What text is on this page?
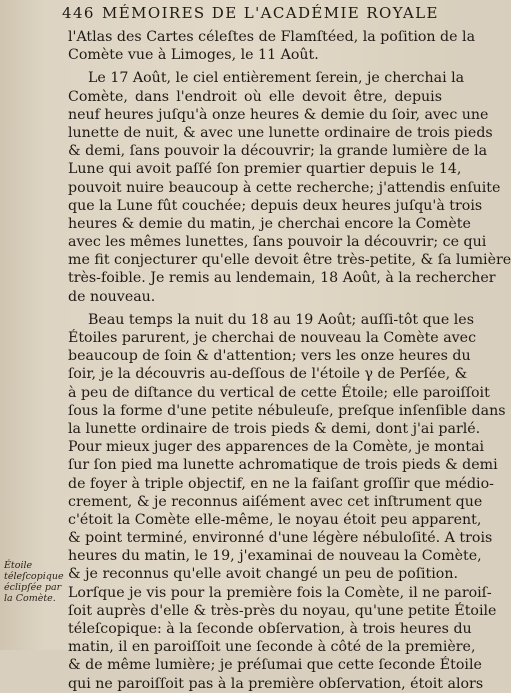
446 MÉMOIRES DE L'ACADÉMIE ROYALE
l'Atlas des Cartes céleſtes de Flamſtéed, la poſition de la
Comète vue à Limoges, le 11 Août.
Le 17 Août, le ciel entièrement ſerein, je cherchai la
Comète, dans l'endroit où elle devoit être, depuis
neuf heures juſqu'à onze heures & demie du ſoir, avec une
lunette de nuit, & avec une lunette ordinaire de trois pieds
& demi, ſans pouvoir la découvrir; la grande lumière de la
Lune qui avoit paſſé ſon premier quartier depuis le 14,
pouvoit nuire beaucoup à cette recherche; j'attendis enſuite
que la Lune fût couchée; depuis deux heures juſqu'à trois
heures & demie du matin, je cherchai encore la Comète
avec les mêmes lunettes, ſans pouvoir la découvrir; ce qui
me fit conjecturer qu'elle devoit être très-petite, & ſa lumière
très-foible. Je remis au lendemain, 18 Août, à la rechercher
de nouveau.
Beau temps la nuit du 18 au 19 Août; auſſi-tôt que les
Étoiles parurent, je cherchai de nouveau la Comète avec
beaucoup de ſoin & d'attention; vers les onze heures du
ſoir, je la découvris au-deſſous de l'étoile γ de Perſée, &
à peu de diſtance du vertical de cette Étoile; elle paroiſſoit
ſous la forme d'une petite nébuleuſe, preſque inſenſible dans
la lunette ordinaire de trois pieds & demi, dont j'ai parlé.
Pour mieux juger des apparences de la Comète, je montai
ſur ſon pied ma lunette achromatique de trois pieds & demi
de foyer à triple objectif, en ne la faiſant groſſir que médio-
crement, & je reconnus aiſément avec cet inſtrument que
c'étoit la Comète elle-même, le noyau étoit peu apparent,
& point terminé, environné d'une légère nébuloſité. A trois
heures du matin, le 19, j'examinai de nouveau la Comète,
& je reconnus qu'elle avoit changé un peu de poſition.
Lorſque je vis pour la première fois la Comète, il ne paroiſ-
ſoit auprès d'elle & très-près du noyau, qu'une petite Étoile
téleſcopique: à la ſeconde obſervation, à trois heures du
matin, il en paroiſſoit une ſeconde à côté de la première,
& de même lumière; je préſumai que cette ſeconde Étoile
qui ne paroiſſoit pas à la première obſervation, étoit alors
Étoile
téleſcopique
éclipſée par
la Comète.
